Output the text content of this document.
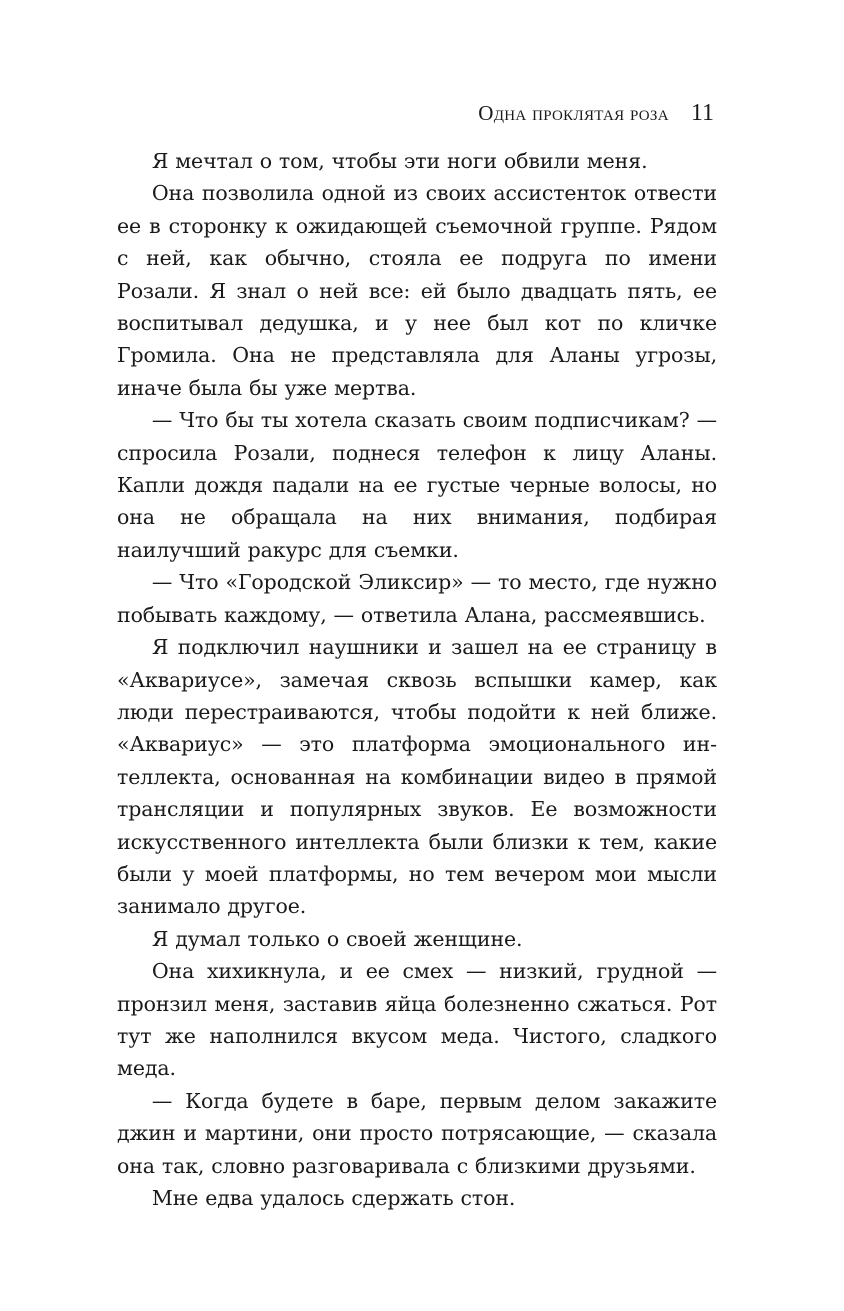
Одна проклятая роза 11

Я мечтал о том, чтобы эти ноги обвили меня.

Она позволила одной из своих ассистенток отвести ее в сторонку к ожидающей съемочной группе. Рядом с ней, как обычно, стояла ее подруга по имени Розали. Я знал о ней все: ей было двадцать пять, ее воспитывал дедушка, и у нее был кот по кличке Громила. Она не представляла для Аланы угрозы, иначе была бы уже мертва.

— Что бы ты хотела сказать своим подписчикам? — спросила Розали, поднеся телефон к лицу Аланы. Капли дождя падали на ее густые черные волосы, но она не обращала на них внимания, подбирая наилучший ракурс для съемки.

— Что «Городской Эликсир» — то место, где нужно побывать каждому, — ответила Алана, рассмеявшись.

Я подключил наушники и зашел на ее страницу в «Аквариусе», замечая сквозь вспышки камер, как люди перестраиваются, чтобы подойти к ней ближе. «Аквариус» — это платформа эмоционального интеллекта, основанная на комбинации видео в прямой трансляции и популярных звуков. Ее возможности искусственного интеллекта были близки к тем, какие были у моей платформы, но тем вечером мои мысли занимало другое.

Я думал только о своей женщине.

Она хихикнула, и ее смех — низкий, грудной — пронзил меня, заставив яйца болезненно сжаться. Рот тут же наполнился вкусом меда. Чистого, сладкого меда.

— Когда будете в баре, первым делом закажите джин и мартини, они просто потрясающие, — сказала она так, словно разговаривала с близкими друзьями.

Мне едва удалось сдержать стон.
